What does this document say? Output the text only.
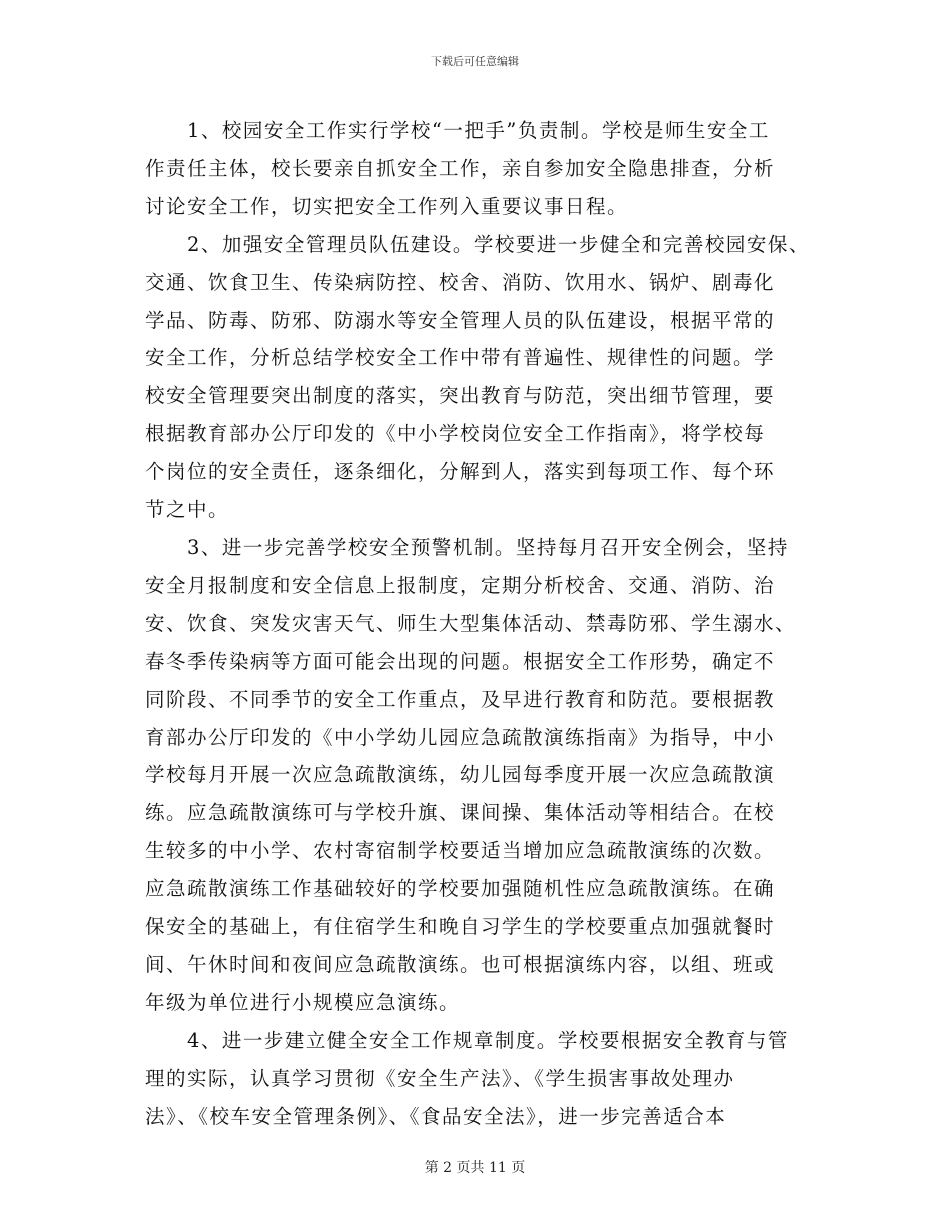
下载后可任意编辑

1、校园安全工作实行学校“一把手”负责制。学校是师生安全工
作责任主体，校长要亲自抓安全工作，亲自参加安全隐患排查，分析
讨论安全工作，切实把安全工作列入重要议事日程。

2、加强安全管理员队伍建设。学校要进一步健全和完善校园安保、
交通、饮食卫生、传染病防控、校舍、消防、饮用水、锅炉、剧毒化
学品、防毒、防邪、防溺水等安全管理人员的队伍建设，根据平常的
安全工作，分析总结学校安全工作中带有普遍性、规律性的问题。学
校安全管理要突出制度的落实，突出教育与防范，突出细节管理，要
根据教育部办公厅印发的《中小学校岗位安全工作指南》，将学校每
个岗位的安全责任，逐条细化，分解到人，落实到每项工作、每个环
节之中。

3、进一步完善学校安全预警机制。坚持每月召开安全例会，坚持
安全月报制度和安全信息上报制度，定期分析校舍、交通、消防、治
安、饮食、突发灾害天气、师生大型集体活动、禁毒防邪、学生溺水、
春冬季传染病等方面可能会出现的问题。根据安全工作形势，确定不
同阶段、不同季节的安全工作重点，及早进行教育和防范。要根据教
育部办公厅印发的《中小学幼儿园应急疏散演练指南》为指导，中小
学校每月开展一次应急疏散演练，幼儿园每季度开展一次应急疏散演
练。应急疏散演练可与学校升旗、课间操、集体活动等相结合。在校
生较多的中小学、农村寄宿制学校要适当增加应急疏散演练的次数。
应急疏散演练工作基础较好的学校要加强随机性应急疏散演练。在确
保安全的基础上，有住宿学生和晚自习学生的学校要重点加强就餐时
间、午休时间和夜间应急疏散演练。也可根据演练内容，以组、班或
年级为单位进行小规模应急演练。

4、进一步建立健全安全工作规章制度。学校要根据安全教育与管
理的实际，认真学习贯彻《安全生产法》、《学生损害事故处理办
法》、《校车安全管理条例》、《食品安全法》，进一步完善适合本

第 2 页共 11 页
